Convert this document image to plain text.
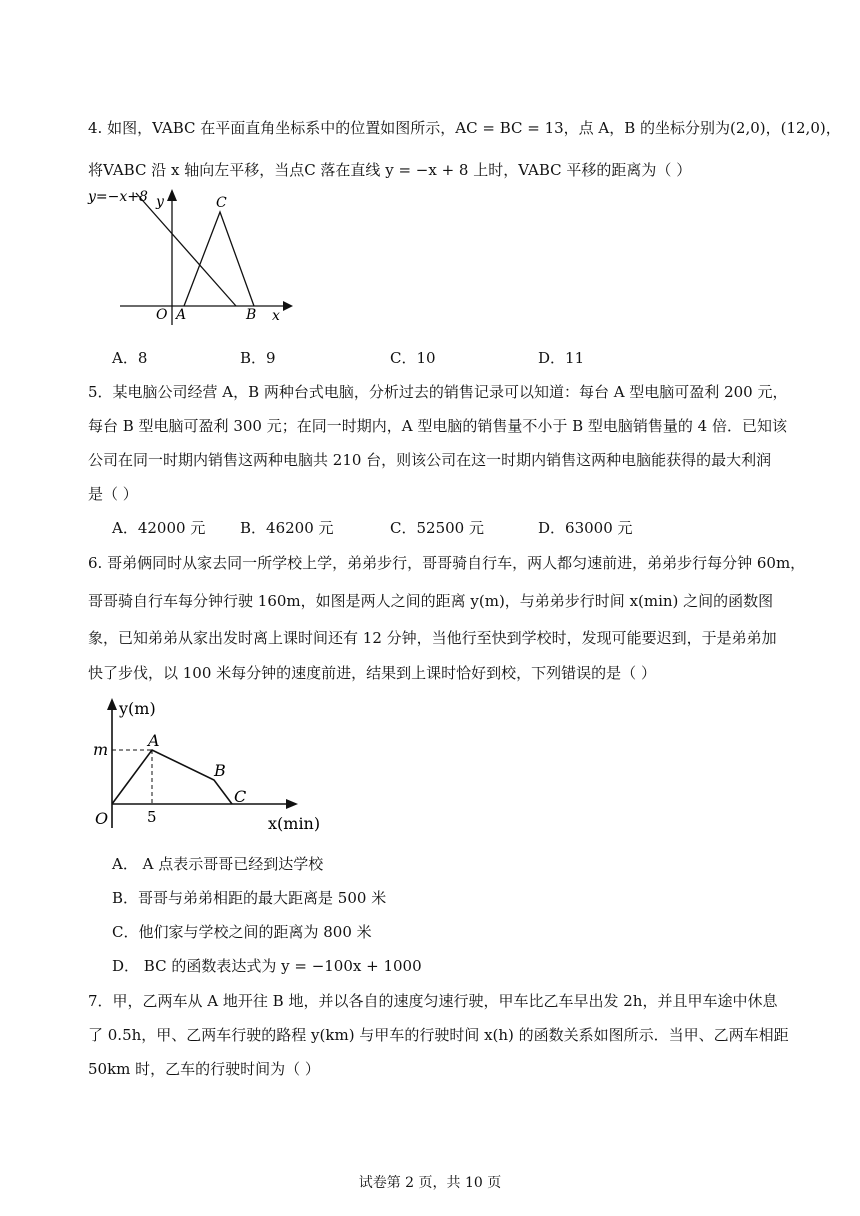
4. 如图，VABC 在平面直角坐标系中的位置如图所示，AC = BC = 13，点 A，B 的坐标分别为(2,0)，(12,0)，
将VABC 沿 x 轴向左平移，当点C 落在直线 y = −x + 8 上时，VABC 平移的距离为（ ）
y=−x+8 y
x
O A	B
C
A．8	B．9	C．10	D．11
5．某电脑公司经营 A，B 两种台式电脑，分析过去的销售记录可以知道：每台 A 型电脑可盈利 200 元，
每台 B 型电脑可盈利 300 元；在同一时期内，A 型电脑的销售量不小于 B 型电脑销售量的 4 倍．已知该
公司在同一时期内销售这两种电脑共 210 台，则该公司在这一时期内销售这两种电脑能获得的最大利润
是（ ）
A．42000 元 B．46200 元	C．52500 元	D．63000 元
6. 哥弟俩同时从家去同一所学校上学，弟弟步行，哥哥骑自行车，两人都匀速前进，弟弟步行每分钟 60m，
哥哥骑自行车每分钟行驶 160m，如图是两人之间的距离 y(m)，与弟弟步行时间 x(min) 之间的函数图
象，已知弟弟从家出发时离上课时间还有 12 分钟，当他行至快到学校时，发现可能要迟到，于是弟弟加
快了步伐，以 100 米每分钟的速度前进，结果到上课时恰好到校，下列错误的是（ ）
y(m)
x(min)
m
O	5
A
B
C
A． A 点表示哥哥已经到达学校
B．哥哥与弟弟相距的最大距离是 500 米
C．他们家与学校之间的距离为 800 米
D． BC 的函数表达式为 y = −100x + 1000
7．甲，乙两车从 A 地开往 B 地，并以各自的速度匀速行驶，甲车比乙车早出发 2h，并且甲车途中休息
了 0.5h，甲、乙两车行驶的路程 y(km) 与甲车的行驶时间 x(h) 的函数关系如图所示．当甲、乙两车相距
50km 时，乙车的行驶时间为（ ）
试卷第 2 页，共 10 页
